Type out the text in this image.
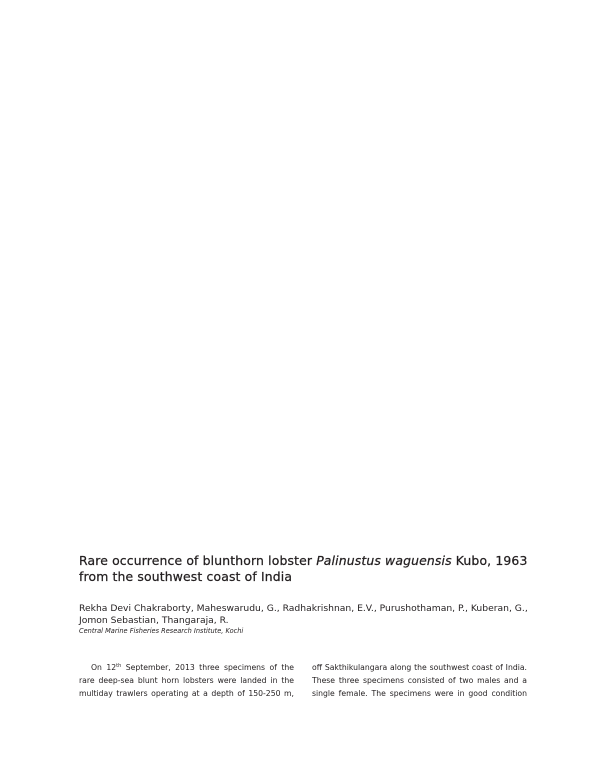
Rare occurrence of blunthorn lobster Palinustus waguensis Kubo, 1963
from the southwest coast of India

Rekha Devi Chakraborty, Maheswarudu, G., Radhakrishnan, E.V., Purushothaman, P., Kuberan, G.,
Jomon Sebastian, Thangaraja, R.

Central Marine Fisheries Research Institute, Kochi

On 12th September, 2013 three specimens of the
rare deep-sea blunt horn lobsters were landed in the
multiday trawlers operating at a depth of 150-250 m,
off Sakthikulangara along the southwest coast of India.
These three specimens consisted of two males and a
single female. The specimens were in good condition
